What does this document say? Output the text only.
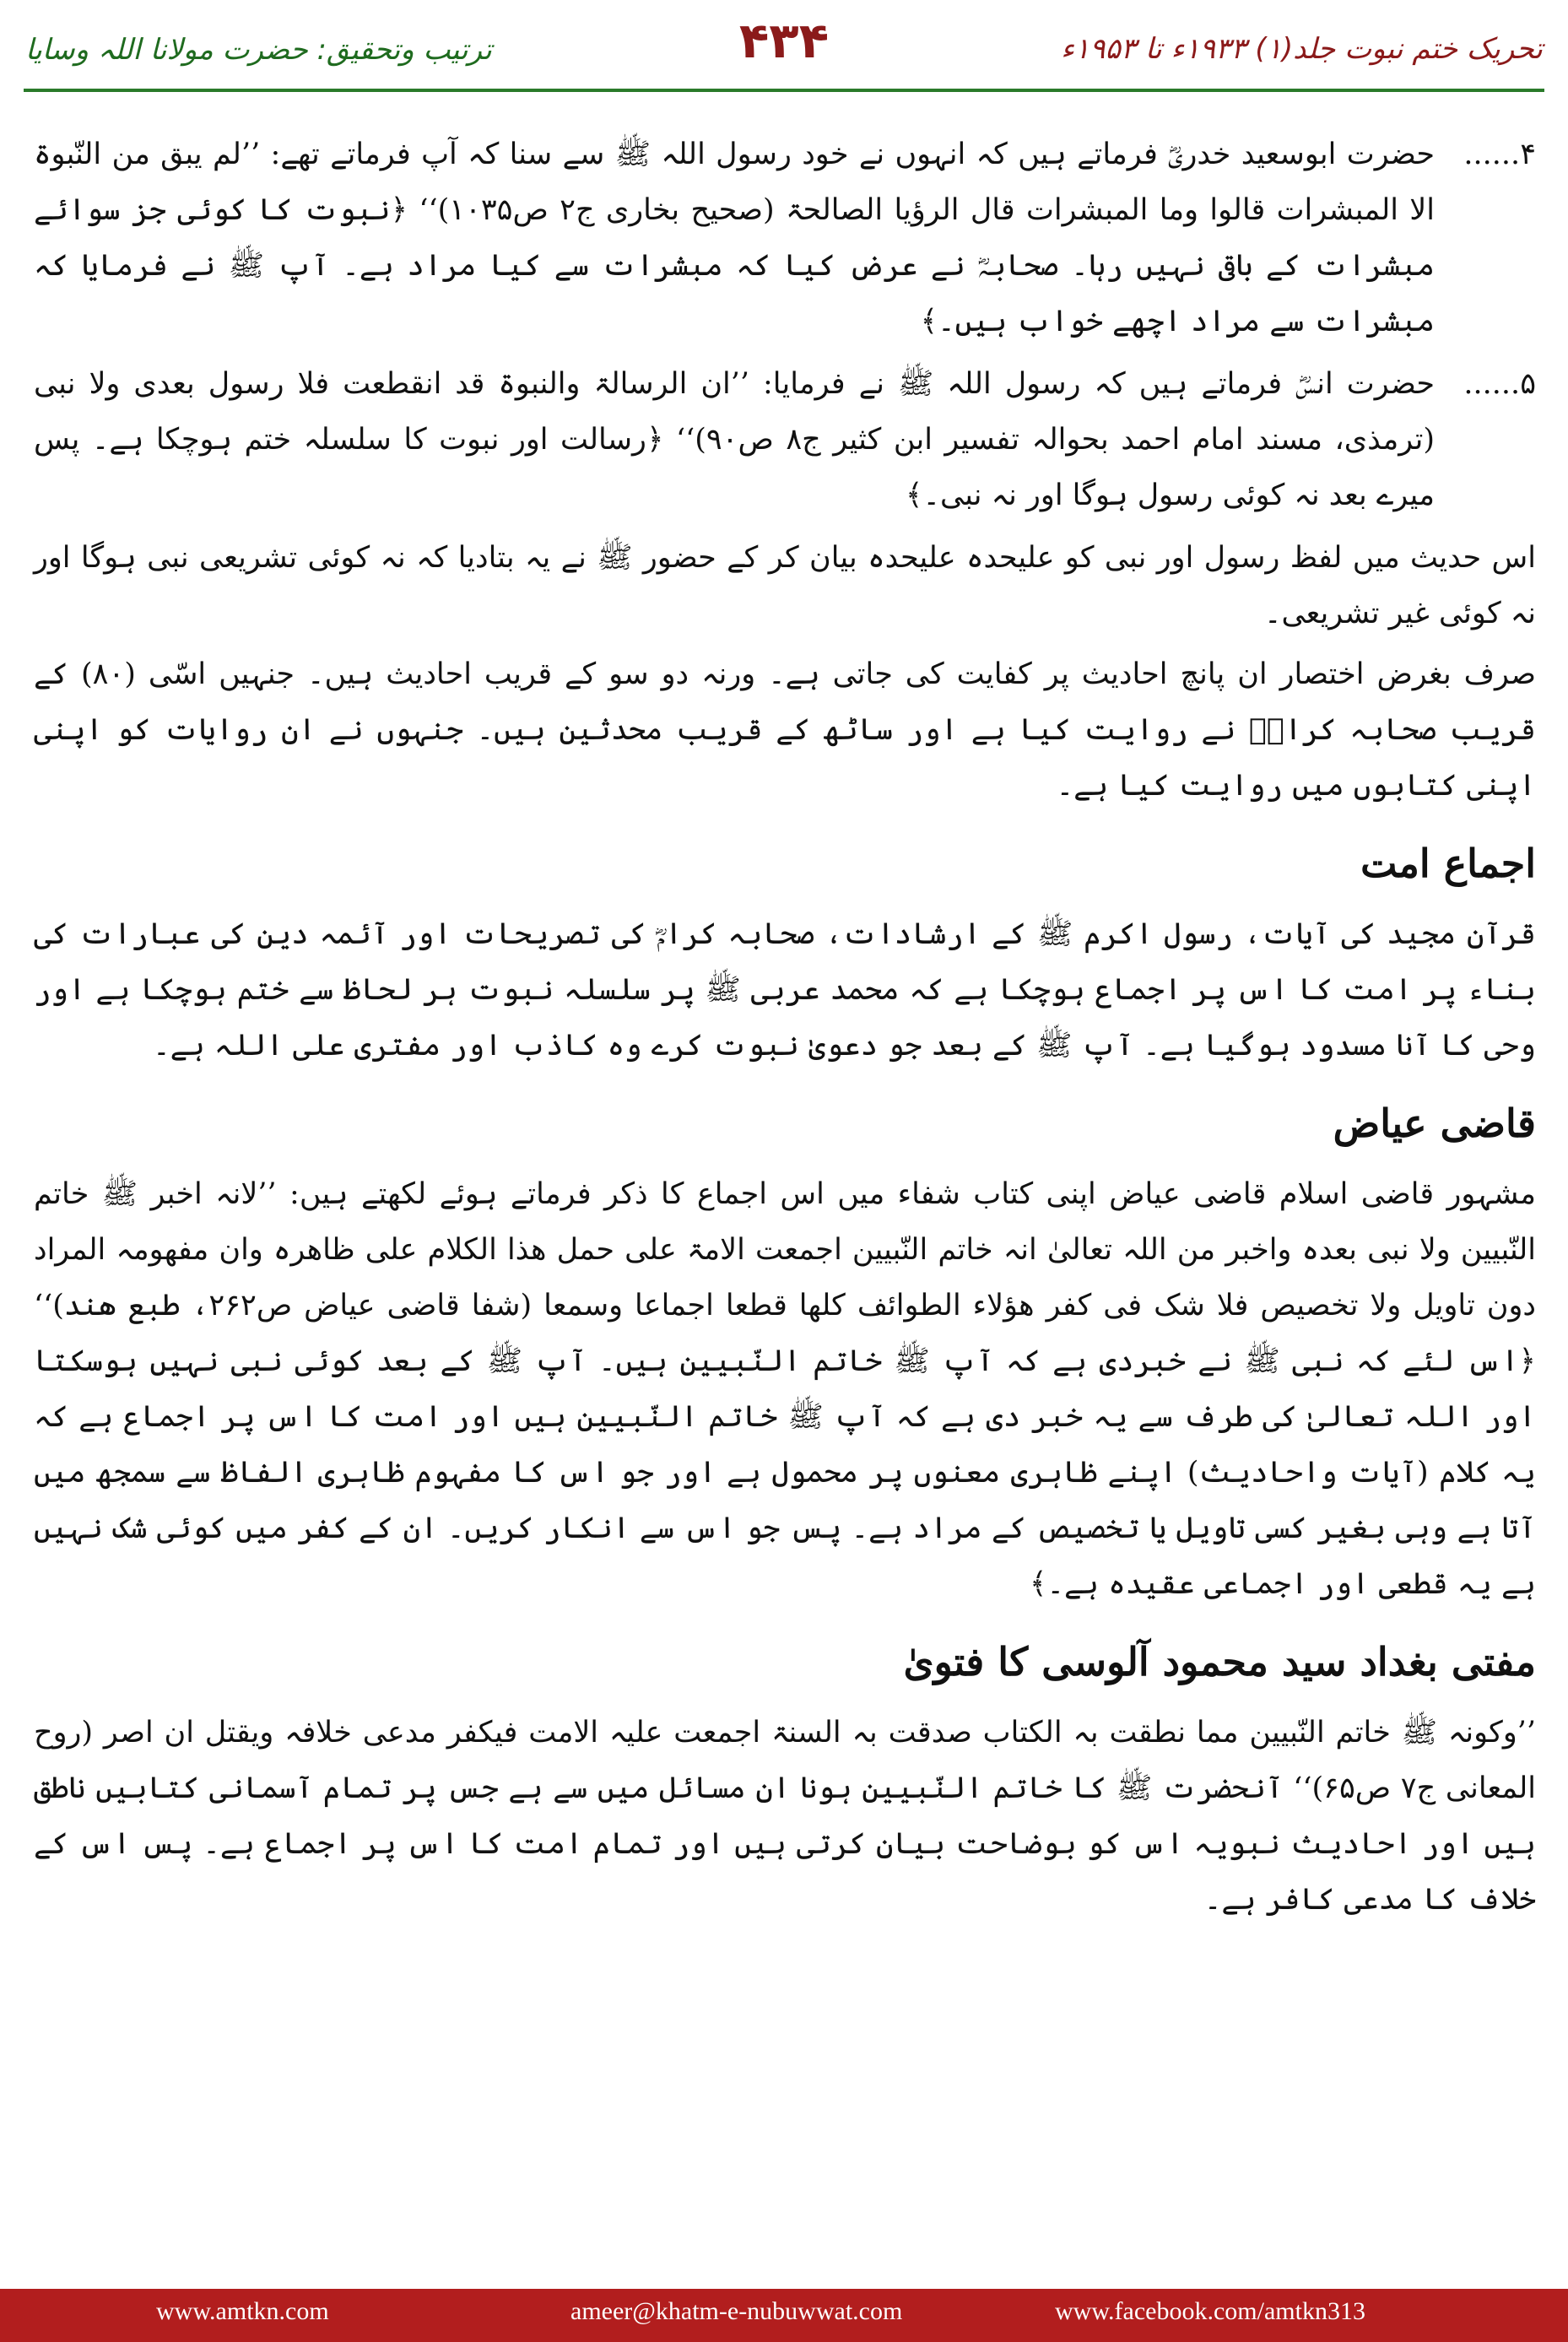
ترتیب وتحقیق: حضرت مولانا اللہ وسایا	۴۳۴	تحریک ختم نبوت جلد(۱) ۱۹۳۳ء تا ۱۹۵۳ء
۴......
حضرت ابوسعید خدریؓ فرماتے ہیں کہ انہوں نے خود رسول اللہ ﷺ سے سنا کہ آپ فرماتے تھے: ’’لم یبق من النّبوۃ الا المبشرات قالوا وما المبشرات قال الرؤیا الصالحۃ (صحیح بخاری ج۲ ص۱۰۳۵)‘‘ ﴿نبوت کا کوئی جز سوائے مبشرات کے باقی نہیں رہا۔ صحابہؓ نے عرض کیا کہ مبشرات سے کیا مراد ہے۔ آپ ﷺ نے فرمایا کہ مبشرات سے مراد اچھے خواب ہیں۔﴾
۵......
حضرت انسؓ فرماتے ہیں کہ رسول اللہ ﷺ نے فرمایا: ’’ان الرسالۃ والنبوۃ قد انقطعت فلا رسول بعدی ولا نبی (ترمذی، مسند امام احمد بحوالہ تفسیر ابن کثیر ج۸ ص۹۰)‘‘ ﴿رسالت اور نبوت کا سلسلہ ختم ہوچکا ہے۔ پس میرے بعد نہ کوئی رسول ہوگا اور نہ نبی۔﴾

اس حدیث میں لفظ رسول اور نبی کو علیحدہ علیحدہ بیان کر کے حضور ﷺ نے یہ بتادیا کہ نہ کوئی تشریعی نبی ہوگا اور نہ کوئی غیر تشریعی۔

صرف بغرض اختصار ان پانچ احادیث پر کفایت کی جاتی ہے۔ ورنہ دو سو کے قریب احادیث ہیں۔ جنہیں اسّی (۸۰) کے قریب صحابہ کرامؓ نے روایت کیا ہے اور ساٹھ کے قریب محدثین ہیں۔ جنہوں نے ان روایات کو اپنی اپنی کتابوں میں روایت کیا ہے۔

اجماع امت

قرآن مجید کی آیات، رسول اکرم ﷺ کے ارشادات، صحابہ کرامؓ کی تصریحات اور آئمہ دین کی عبارات کی بناء پر امت کا اس پر اجماع ہوچکا ہے کہ محمد عربی ﷺ پر سلسلہ نبوت ہر لحاظ سے ختم ہوچکا ہے اور وحی کا آنا مسدود ہوگیا ہے۔ آپ ﷺ کے بعد جو دعویٰ نبوت کرے وہ کاذب اور مفتری علی اللہ ہے۔

قاضی عیاض

مشہور قاضی اسلام قاضی عیاض اپنی کتاب شفاء میں اس اجماع کا ذکر فرماتے ہوئے لکھتے ہیں: ’’لانہ اخبر ﷺ خاتم النّبیین ولا نبی بعدہ واخبر من اللہ تعالیٰ انہ خاتم النّبیین اجمعت الامۃ علی حمل ھذا الکلام علی ظاھرہ وان مفھومہ المراد دون تاویل ولا تخصیص فلا شک فی کفر ھؤلاء الطوائف کلھا قطعا اجماعا وسمعا (شفا قاضی عیاض ص۲۶۲، طبع ھند)‘‘ ﴿اس لئے کہ نبی ﷺ نے خبردی ہے کہ آپ ﷺ خاتم النّبیین ہیں۔ آپ ﷺ کے بعد کوئی نبی نہیں ہوسکتا اور اللہ تعالیٰ کی طرف سے یہ خبر دی ہے کہ آپ ﷺ خاتم النّبیین ہیں اور امت کا اس پر اجماع ہے کہ یہ کلام (آیات واحادیث) اپنے ظاہری معنوں پر محمول ہے اور جو اس کا مفہوم ظاہری الفاظ سے سمجھ میں آتا ہے وہی بغیر کسی تاویل یا تخصیص کے مراد ہے۔ پس جو اس سے انکار کریں۔ ان کے کفر میں کوئی شک نہیں ہے یہ قطعی اور اجماعی عقیدہ ہے۔﴾

مفتی بغداد سید محمود آلوسی کا فتویٰ

’’وکونہ ﷺ خاتم النّبیین مما نطقت بہ الکتاب صدقت بہ السنۃ اجمعت علیہ الامت فیکفر مدعی خلافہ ویقتل ان اصر (روح المعانی ج۷ ص۶۵)‘‘ آنحضرت ﷺ کا خاتم النّبیین ہونا ان مسائل میں سے ہے جس پر تمام آسمانی کتابیں ناطق ہیں اور احادیث نبویہ اس کو بوضاحت بیان کرتی ہیں اور تمام امت کا اس پر اجماع ہے۔ پس اس کے خلاف کا مدعی کافر ہے۔

www.amtkn.com	ameer@khatm-e-nubuwwat.com	www.facebook.com/amtkn313
